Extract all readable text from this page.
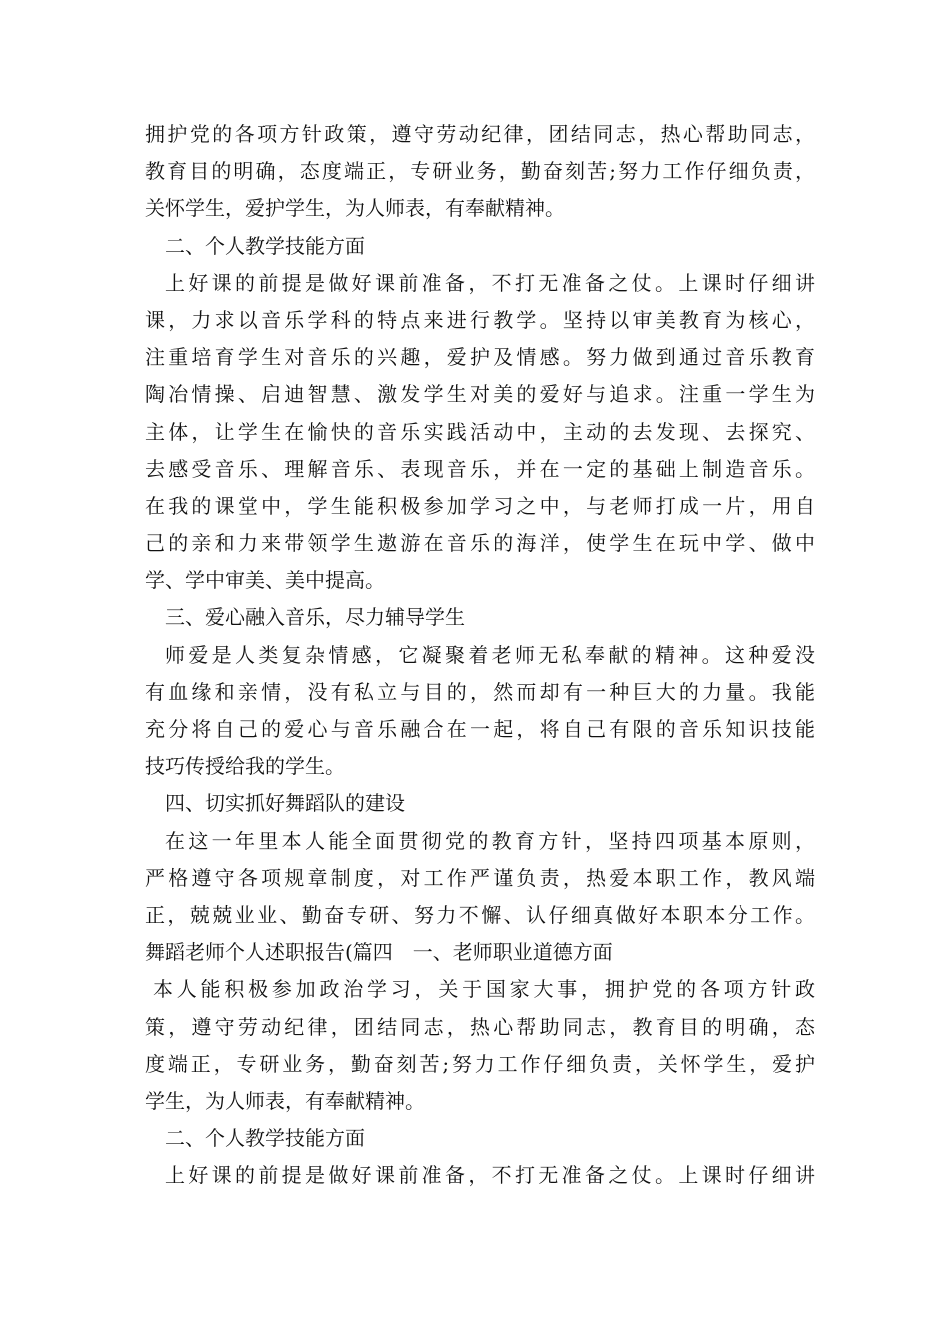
拥护党的各项方针政策，遵守劳动纪律，团结同志，热心帮助同志，
教育目的明确，态度端正，专研业务，勤奋刻苦;努力工作仔细负责，
关怀学生，爱护学生，为人师表，有奉献精神。
二、个人教学技能方面
上好课的前提是做好课前准备，不打无准备之仗。上课时仔细讲
课，力求以音乐学科的特点来进行教学。坚持以审美教育为核心，
注重培育学生对音乐的兴趣，爱护及情感。努力做到通过音乐教育
陶冶情操、启迪智慧、激发学生对美的爱好与追求。注重一学生为
主体，让学生在愉快的音乐实践活动中，主动的去发现、去探究、
去感受音乐、理解音乐、表现音乐，并在一定的基础上制造音乐。
在我的课堂中，学生能积极参加学习之中，与老师打成一片，用自
己的亲和力来带领学生遨游在音乐的海洋，使学生在玩中学、做中
学、学中审美、美中提高。
三、爱心融入音乐，尽力辅导学生
师爱是人类复杂情感，它凝聚着老师无私奉献的精神。这种爱没
有血缘和亲情，没有私立与目的，然而却有一种巨大的力量。我能
充分将自己的爱心与音乐融合在一起，将自己有限的音乐知识技能
技巧传授给我的学生。
四、切实抓好舞蹈队的建设
在这一年里本人能全面贯彻党的教育方针，坚持四项基本原则，
严格遵守各项规章制度，对工作严谨负责，热爱本职工作，教风端
正，兢兢业业、勤奋专研、努力不懈、认仔细真做好本职本分工作。
舞蹈老师个人述职报告(篇四　一、老师职业道德方面
本人能积极参加政治学习，关于国家大事，拥护党的各项方针政
策，遵守劳动纪律，团结同志，热心帮助同志，教育目的明确，态
度端正，专研业务，勤奋刻苦;努力工作仔细负责，关怀学生，爱护
学生，为人师表，有奉献精神。
二、个人教学技能方面
上好课的前提是做好课前准备，不打无准备之仗。上课时仔细讲
